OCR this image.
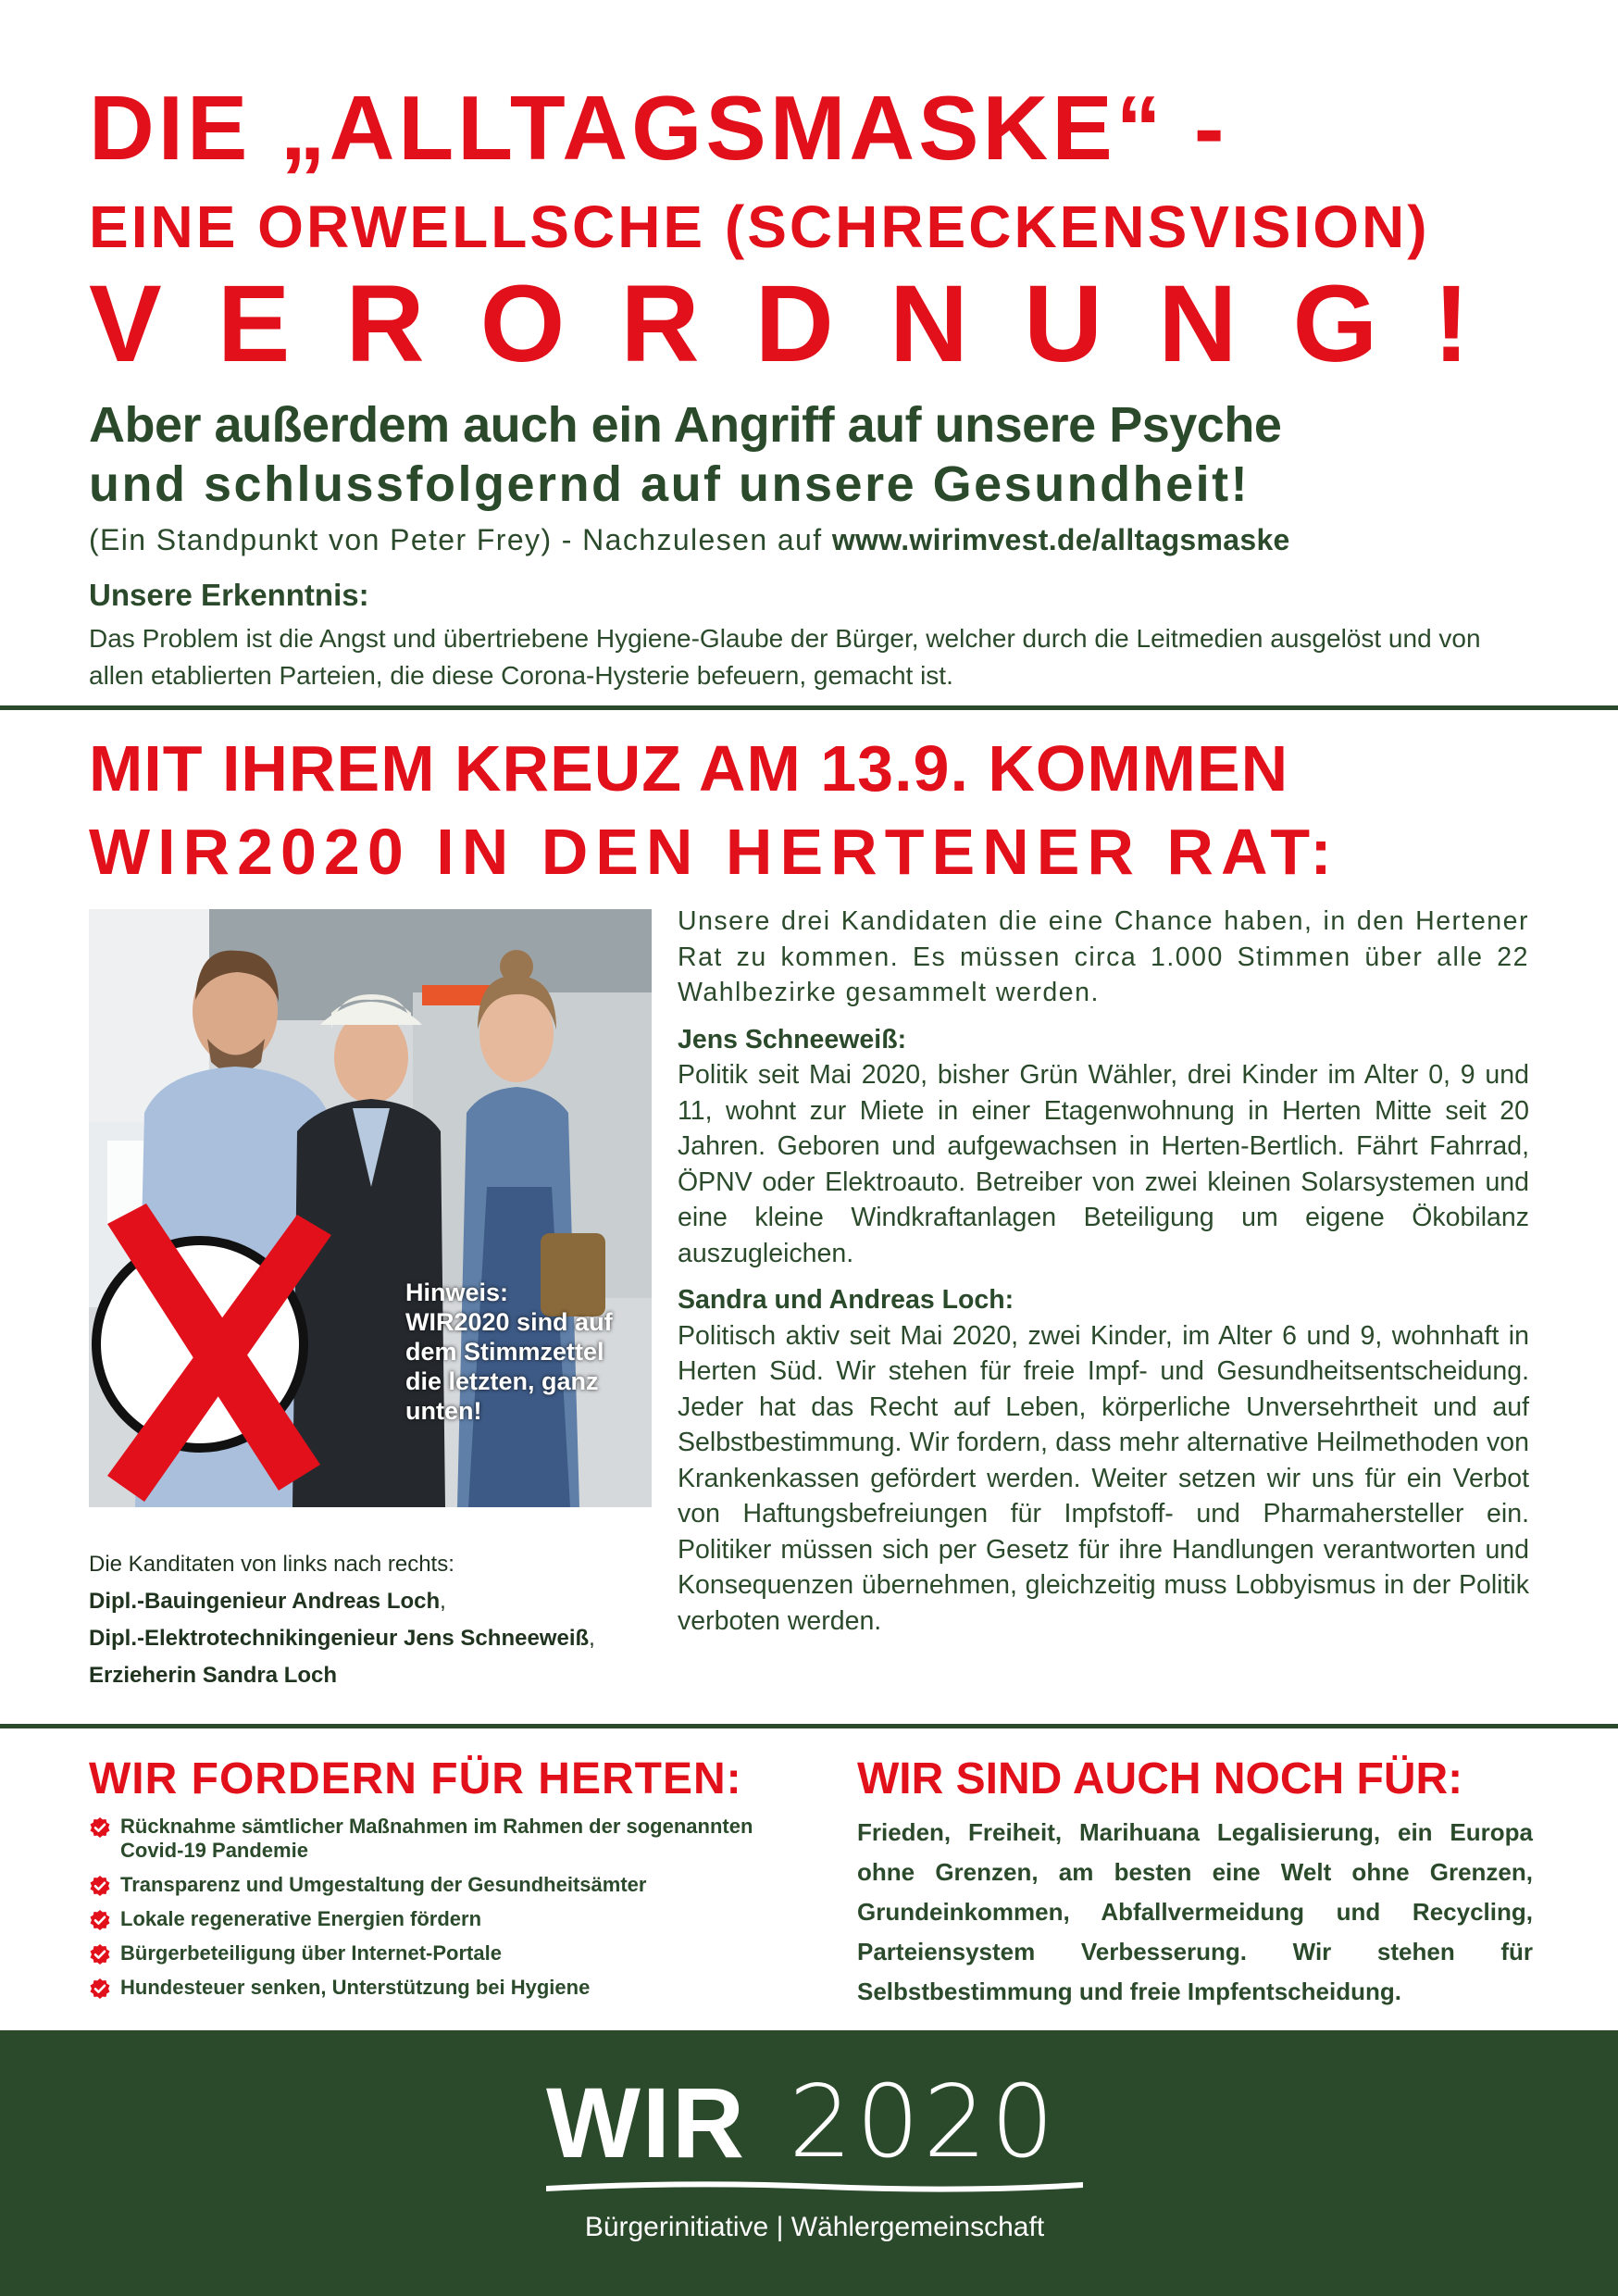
DIE „ALLTAGSMASKE“ -
EINE ORWELLSCHE (SCHRECKENSVISION)
VERORDNUNG!
Aber außerdem auch ein Angriff auf unsere Psyche
und schlussfolgernd auf unsere Gesundheit!
(Ein Standpunkt von Peter Frey) - Nachzulesen auf www.wirimvest.de/alltagsmaske
Unsere Erkenntnis:
Das Problem ist die Angst und übertriebene Hygiene-Glaube der Bürger, welcher durch die Leitmedien ausgelöst und von allen etablierten Parteien, die diese Corona-Hysterie befeuern, gemacht ist.
MIT IHREM KREUZ AM 13.9. KOMMEN
WIR2020 IN DEN HERTENER RAT:
Hinweis: WIR2020 sind auf dem Stimmzettel die letzten, ganz unten!
Die Kanditaten von links nach rechts:
Dipl.-Bauingenieur Andreas Loch,
Dipl.-Elektrotechnikingenieur Jens Schneeweiß,
Erzieherin Sandra Loch

Unsere drei Kandidaten die eine Chance haben, in den Hertener Rat zu kommen. Es müssen circa 1.000 Stimmen über alle 22 Wahlbezirke gesammelt werden.

Jens Schneeweiß:

Politik seit Mai 2020, bisher Grün Wähler, drei Kinder im Alter 0, 9 und 11, wohnt zur Miete in einer Etagenwohnung in Herten Mitte seit 20 Jahren. Geboren und aufgewachsen in Herten-Bertlich. Fährt Fahrrad, ÖPNV oder Elektroauto. Betreiber von zwei kleinen Solarsystemen und eine kleine Windkraftanlagen Beteiligung um eigene Ökobilanz auszugleichen.

Sandra und Andreas Loch:

Politisch aktiv seit Mai 2020, zwei Kinder, im Alter 6 und 9, wohnhaft in Herten Süd. Wir stehen für freie Impf- und Gesundheitsentscheidung. Jeder hat das Recht auf Leben, körperliche Unversehrtheit und auf Selbstbestimmung. Wir fordern, dass mehr alternative Heilmethoden von Krankenkassen gefördert werden. Weiter setzen wir uns für ein Verbot von Haftungsbefreiungen für Impfstoff- und Pharmahersteller ein. Politiker müssen sich per Gesetz für ihre Handlungen verantworten und Konsequenzen übernehmen, gleichzeitig muss Lobbyismus in der Politik verboten werden.

WIR FORDERN FÜR HERTEN:
Rücknahme sämtlicher Maßnahmen im Rahmen der sogenannten Covid-19 Pandemie
Transparenz und Umgestaltung der Gesundheitsämter
Lokale regenerative Energien fördern
Bürgerbeteiligung über Internet-Portale
Hundesteuer senken, Unterstützung bei Hygiene
WIR SIND AUCH NOCH FÜR:
Frieden, Freiheit, Marihuana Legalisierung, ein Europa ohne Grenzen, am besten eine Welt ohne Grenzen, Grundeinkommen, Abfallvermeidung und Recycling, Parteiensystem Verbesserung. Wir stehen für Selbstbestimmung und freie Impfentscheidung.
WIR 2020
Bürgerinitiative | Wählergemeinschaft
